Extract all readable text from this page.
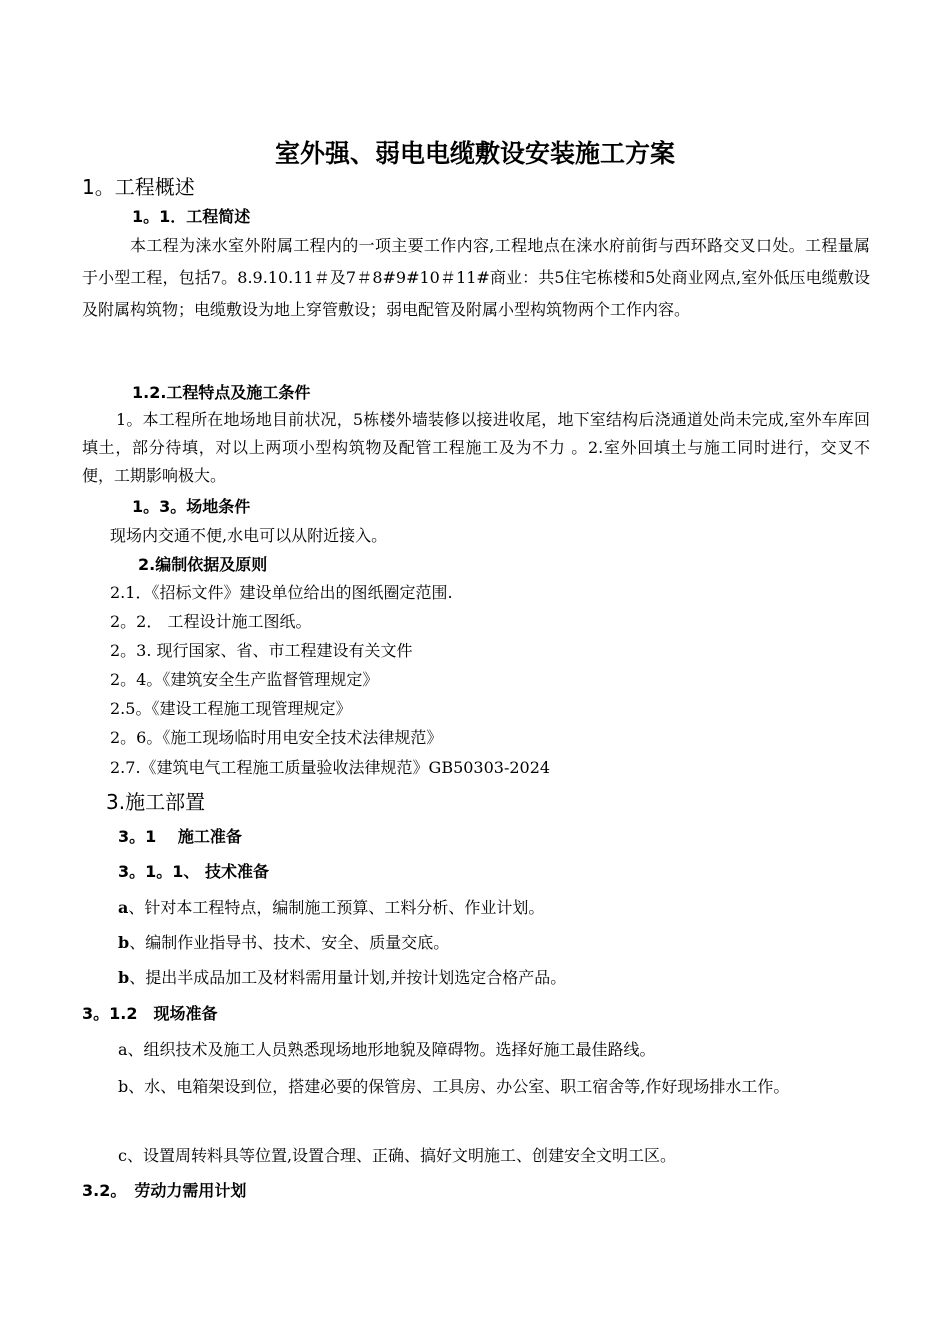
室外强、弱电电缆敷设安装施工方案
1。工程概述
1。1．工程简述
本工程为涞水室外附属工程内的一项主要工作内容,工程地点在涞水府前街与西环路交叉口处。工程量属于小型工程，包括7。8.9.10.11＃及7＃8#9#10＃11#商业：共5住宅栋楼和5处商业网点,室外低压电缆敷设及附属构筑物；电缆敷设为地上穿管敷设；弱电配管及附属小型构筑物两个工作内容。
1.2.工程特点及施工条件
1。本工程所在地场地目前状况，5栋楼外墙装修以接进收尾，地下室结构后浇通道处尚未完成,室外车库回填土，部分待填，对以上两项小型构筑物及配管工程施工及为不力 。2.室外回填土与施工同时进行，交叉不便，工期影响极大。
1。3。场地条件
现场内交通不便,水电可以从附近接入。
2.编制依据及原则
2.1．《招标文件》建设单位给出的图纸圈定范围.
2。2． 工程设计施工图纸。
2。3. 现行国家、省、市工程建设有关文件
2。4。《建筑安全生产监督管理规定》
2.5。《建设工程施工现管理规定》
2。6。《施工现场临时用电安全技术法律规范》
2.7.《建筑电气工程施工质量验收法律规范》GB50303-2024
3.施工部置
3。1　 施工准备
3。1。1、 技术准备
a、针对本工程特点，编制施工预算、工料分析、作业计划。
b、编制作业指导书、技术、安全、质量交底。
b、提出半成品加工及材料需用量计划,并按计划选定合格产品。
3。1.2　现场准备
a、组织技术及施工人员熟悉现场地形地貌及障碍物。选择好施工最佳路线。
b、水、电箱架设到位，搭建必要的保管房、工具房、办公室、职工宿舍等,作好现场排水工作。
c、设置周转料具等位置,设置合理、正确、搞好文明施工、创建安全文明工区。
3.2。　劳动力需用计划
